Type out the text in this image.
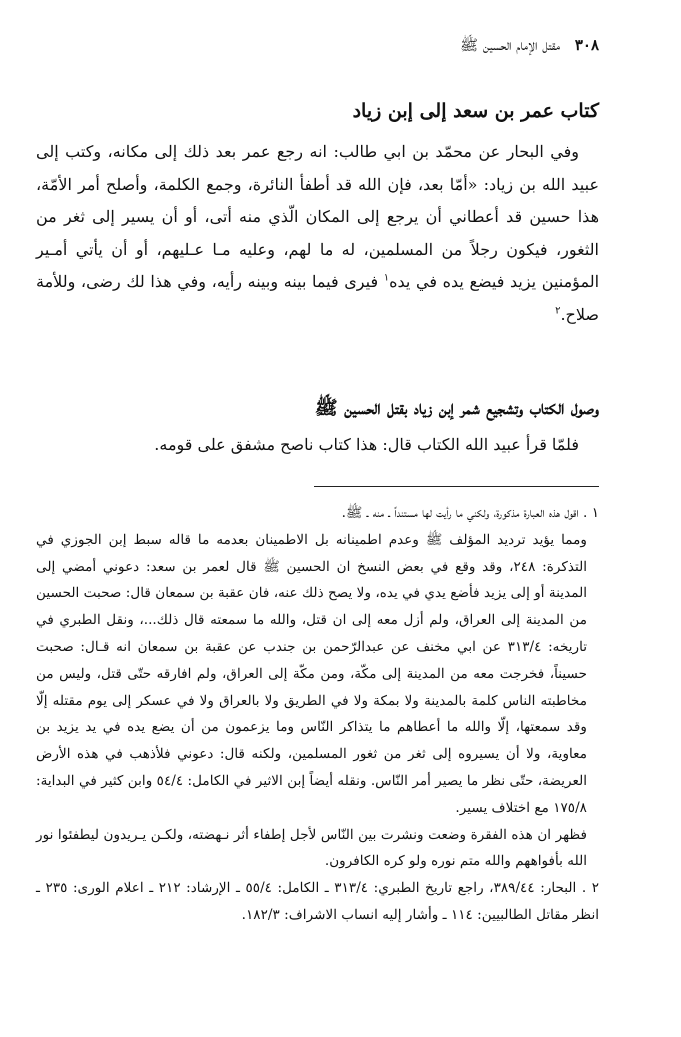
٣٠٨ مقتل الإمام الحسين ﷺ
كتاب عمر بن سعد إلى إبن زياد

وفي البحار عن محمّد بن ابي طالب: انه رجع عمر بعد ذلك إلى مكانه، وكتب إلى عبيد الله بن زياد: «أمّا بعد، فإن الله قد أطفأ النائرة، وجمع الكلمة، وأصلح أمر الأمّة، هذا حسين قد أعطاني أن يرجع إلى المكان الّذي منه أتى، أو أن يسير إلى ثغر من الثغور، فيكون رجلاً من المسلمين، له ما لهم، وعليه مـا عـليهم، أو أن يأتي أمـير المؤمنين يزيد فيضع يده في يده$^١$ فيرى فيما بينه وبينه رأيه، وفي هذا لك رضى، وللأمة صلاح.$^٢$

وصول الكتاب وتشجيع شمر إبن زياد بقتل الحسين ﷺ

فلمّا قرأ عبيد الله الكتاب قال: هذا كتاب ناصح مشفق على قومه.

١ . اقول هذه العبارة مذكورة، ولكني ما رأيت لها مستنداً ـ منه ـ ﷺ.

ومما يؤيد ترديد المؤلف ﷺ وعدم اطمينانه بل الاطمينان بعدمه ما قاله سبط إبن الجوزي في التذكرة: ٢٤٨، وقد وقع في بعض النسخ ان الحسين ﷺ قال لعمر بن سعد: دعوني أمضي إلى المدينة أو إلى يزيد فأضع يدي في يده، ولا يصح ذلك عنه، فان عقبة بن سمعان قال: صحبت الحسين من المدينة إلى العراق، ولم أزل معه إلى ان قتل، والله ما سمعته قال ذلك...، ونقل الطبري في تاريخه: ٣١٣/٤ عن ابي مخنف عن عبدالرّحمن بن جندب عن عقبة بن سمعان انه قـال: صحبت حسيناً، فخرجت معه من المدينة إلى مكّة، ومن مكّة إلى العراق، ولم افارقه حتّى قتل، وليس من مخاطبته الناس كلمة بالمدينة ولا بمكة ولا في الطريق ولا بالعراق ولا في عسكر إلى يوم مقتله إلّا وقد سمعتها، إلّا والله ما أعطاهم ما يتذاكر النّاس وما يزعمون من أن يضع يده في يد يزيد بن معاوية، ولا أن يسيروه إلى ثغر من ثغور المسلمين، ولكنه قال: دعوني فلأذهب في هذه الأرض العريضة، حتّى نظر ما يصير أمر النّاس. ونقله أيضاً إبن الاثير في الكامل: ٥٤/٤ وابن كثير في البداية: ١٧٥/٨ مع اختلاف يسير.

فظهر ان هذه الفقرة وضعت ونشرت بين النّاس لأجل إطفاء أثر نـهضته، ولكـن يـريدون ليطفئوا نور الله بأفواههم والله متم نوره ولو كره الكافرون.

٢ . البحار: ٣٨٩/٤٤، راجع تاريخ الطبري: ٣١٣/٤ ـ الكامل: ٥٥/٤ ـ الإرشاد: ٢١٢ ـ اعلام الورى: ٢٣٥ ـ انظر مقاتل الطالبيين: ١١٤ ـ وأشار إليه انساب الاشراف: ١٨٢/٣.
